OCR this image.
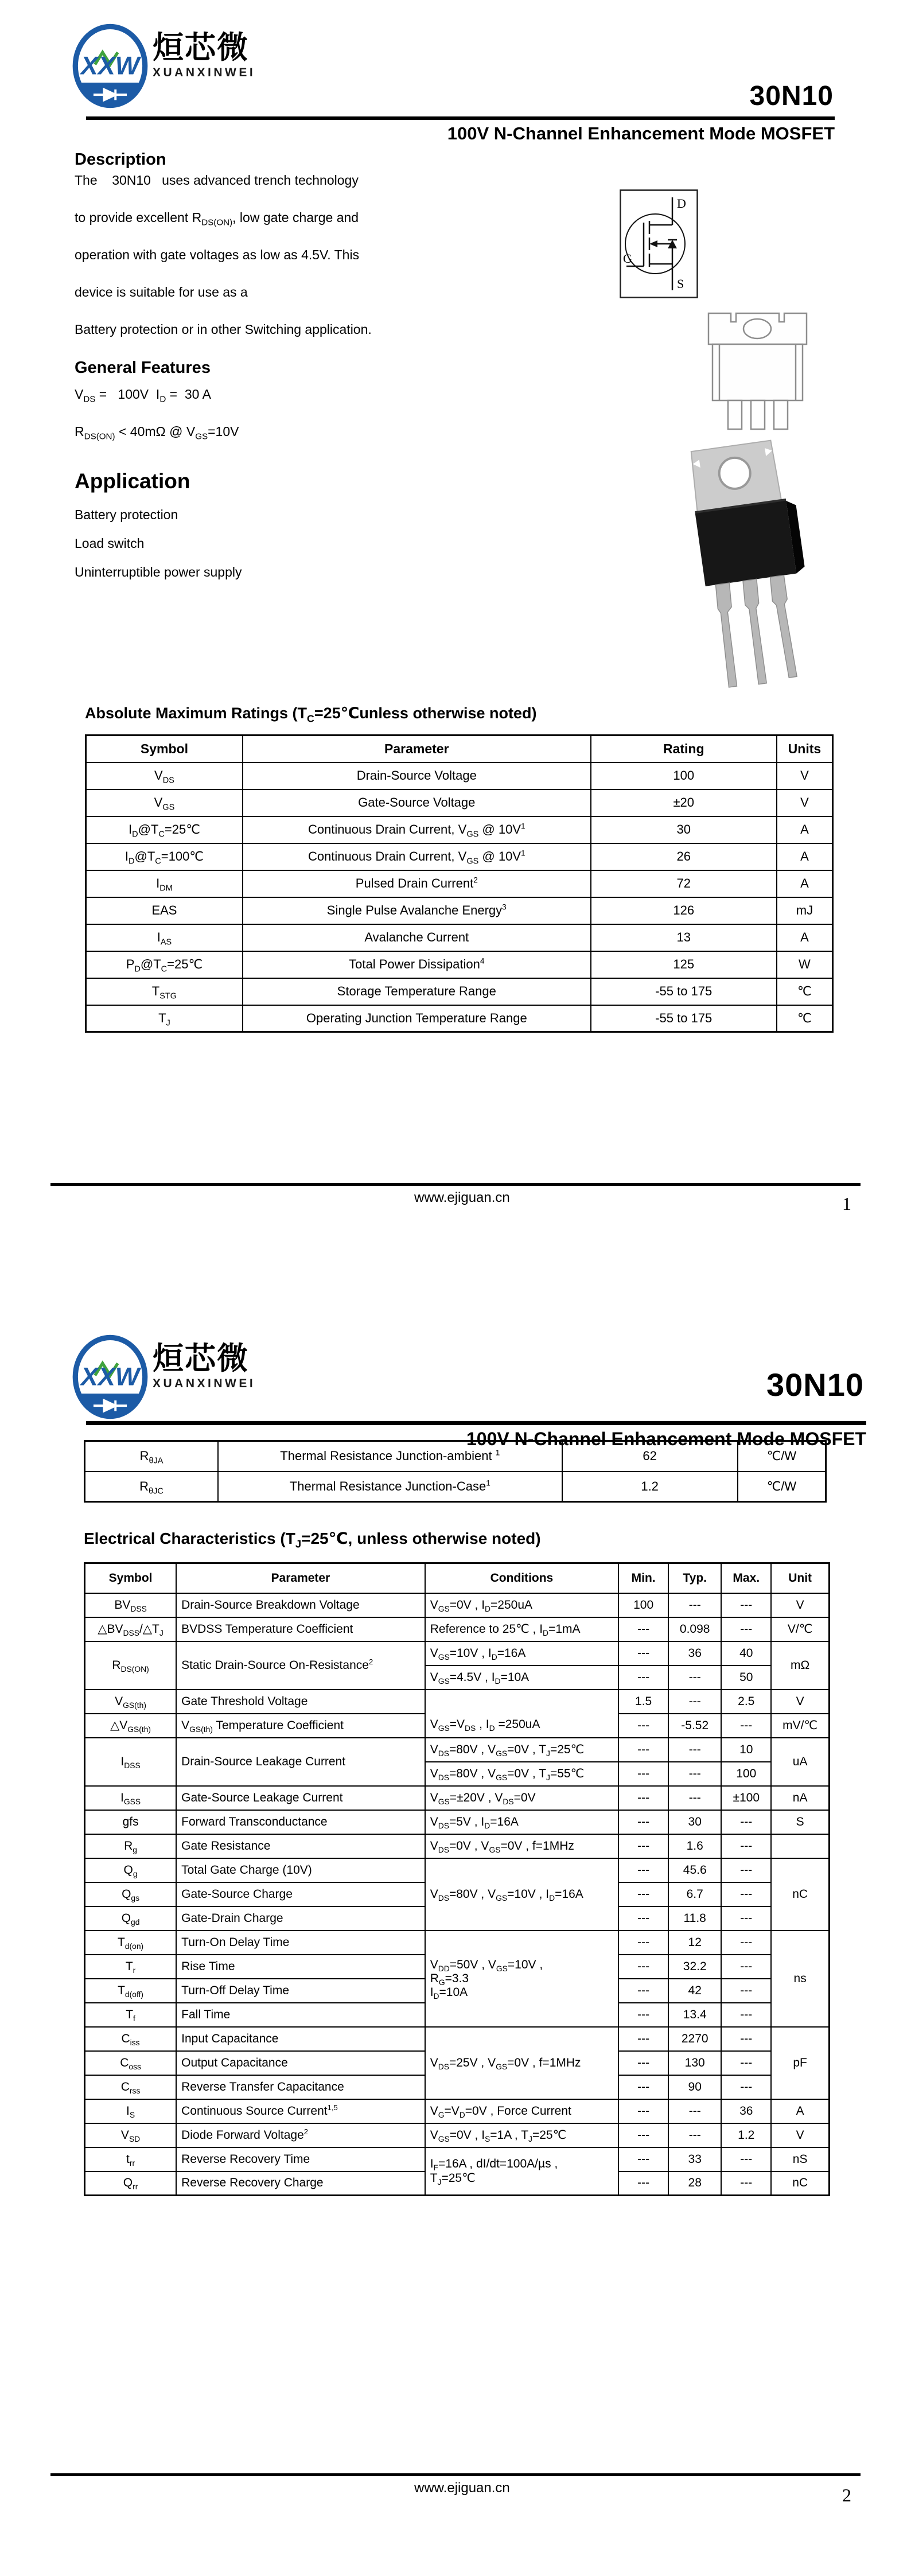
XXW
烜芯微
XUANXINWEI
30N10
100V N-Channel Enhancement Mode MOSFET
Description
The    30N10   uses advanced trench technology
to provide excellent $R_{DS(ON)}$, low gate charge and
operation with gate voltages as low as 4.5V. This
device is suitable for use as a
Battery protection or in other Switching application.
General Features
$V_{DS} = 100V$  $I_D = 30$ A
$R_{DS(ON)} < 40m\Omega$ @ $V_{GS}=10V$
Application
Battery protection
Load switch
Uninterruptible power supply
D
G
S
Absolute Maximum Ratings ($T_C=25℃unless$ otherwise noted)
Symbol	Parameter	Rating	Units
$V_{DS}$	Drain-Source Voltage	100	V
$V_{GS}$	Gate-Source Voltage	±20	V
$I_D@T_C=25℃$	Continuous Drain Current, $V_{GS}$ @ $10V^1$	30	A
$I_D@T_C=100℃$	Continuous Drain Current, $V_{GS}$ @ $10V^1$	26	A
$I_{DM}$	Pulsed Drain Current$^2$	72	A
EAS	Single Pulse Avalanche Energy$^3$	126	mJ
$I_{AS}$	Avalanche Current	13	A
$P_D@T_C=25℃$	Total Power Dissipation$^4$	125	W
$T_{STG}$	Storage Temperature Range	-55 to 175	℃
$T_J$	Operating Junction Temperature Range	-55 to 175	℃
www.ejiguan.cn	1
XXW
烜芯微
XUANXINWEI	30N10
100V N-Channel Enhancement Mode MOSFET
$R_{\theta JA}$	Thermal Resistance Junction-ambient $^1$	62	℃/W
$R_{\theta JC}$	Thermal Resistance Junction-Case$^1$	1.2	℃/W
Electrical Characteristics ($T_J=25℃$, unless otherwise noted)
Symbol	Parameter	Conditions	Min.	Typ.	Max.	Unit
$BV_{DSS}$	Drain-Source Breakdown Voltage	$V_{GS}=0V$ , $I_D=250uA$	100	---	---	V
$\triangle BV_{DSS}/\triangle T_J$	BVDSS Temperature Coefficient	Reference to 25℃ , $I_D=1mA$	---	0.098	---	V/℃
$R_{DS(ON)}$	Static Drain-Source On-Resistance$^2$	$V_{GS}=10V$ , $I_D=16A$	---	36	40	mΩ
		$V_{GS}=4.5V$ , $I_D=10A$	---	---	50	
$V_{GS(th)}$	Gate Threshold Voltage	$V_{GS}=V_{DS}$ , $I_D =250uA$	1.5	---	2.5	V
$\triangle V_{GS(th)}$	$V_{GS(th)}$ Temperature Coefficient		---	-5.52	---	mV/℃
$I_{DSS}$	Drain-Source Leakage Current	$V_{DS}=80V$ , $V_{GS}=0V$ , $T_J=25℃$	---	---	10	uA
		$V_{DS}=80V$ , $V_{GS}=0V$ , $T_J=55℃$	---	---	100	
$I_{GSS}$	Gate-Source Leakage Current	$V_{GS}=\pm 20V$ , $V_{DS}=0V$	---	---	±100	nA
gfs	Forward Transconductance	$V_{DS}=5V$ , $I_D=16A$	---	30	---	S
$R_g$	Gate Resistance	$V_{DS}=0V$ , $V_{GS}=0V$ , f=1MHz	---	1.6	---	
$Q_g$	Total Gate Charge (10V)	$V_{DS}=80V$ , $V_{GS}=10V$ , $I_D=16A$	---	45.6	---	nC
$Q_{gs}$	Gate-Source Charge		---	6.7	---	
$Q_{gd}$	Gate-Drain Charge		---	11.8	---	
$T_{d(on)}$	Turn-On Delay Time	$V_{DD}=50V$ , $V_{GS}=10V$ ,
$R_G=3.3$
$I_D=10A$	---	12	---	ns
$T_r$	Rise Time		---	32.2	---	
$T_{d(off)}$	Turn-Off Delay Time		---	42	---	
$T_f$	Fall Time		---	13.4	---	
$C_{iss}$	Input Capacitance	$V_{DS}=25V$ , $V_{GS}=0V$ , f=1MHz	---	2270	---	pF
$C_{oss}$	Output Capacitance		---	130	---	
$C_{rss}$	Reverse Transfer Capacitance		---	90	---	
$I_S$	Continuous Source Current$^{1,5}$	$V_G=V_D=0V$ , Force Current	---	---	36	A
$V_{SD}$	Diode Forward Voltage$^2$	$V_{GS}=0V$ , $I_S=1A$ , $T_J=25℃$	---	---	1.2	V
$t_{rr}$	Reverse Recovery Time	$I_F=16A$ , dI/dt=100A/µs ,
$T_J=25℃$	---	33	---	nS
$Q_{rr}$	Reverse Recovery Charge		---	28	---	nC
www.ejiguan.cn	2
